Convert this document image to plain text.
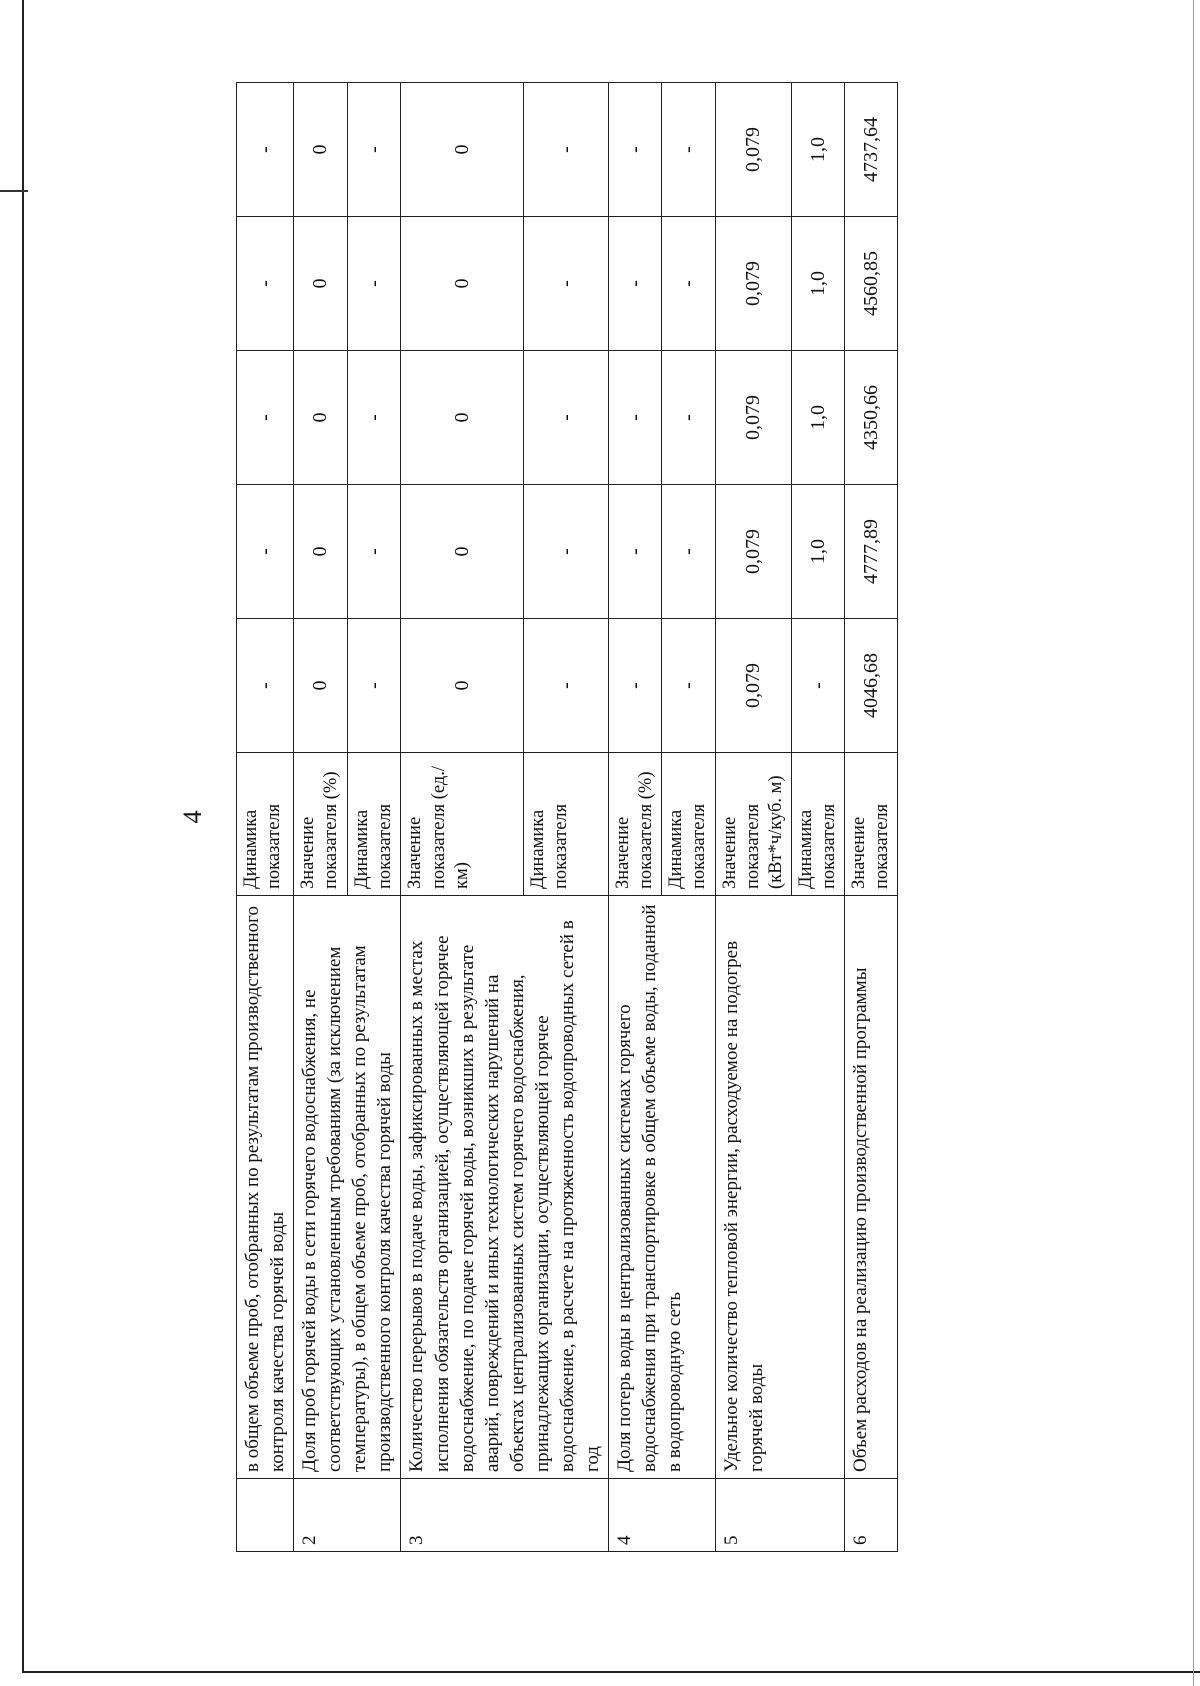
4
	в общем объеме проб, отобранных по результатам производственного контроля качества горячей воды	Динамика показателя	-	-	-	-	-
2	Доля проб горячей воды в сети горячего водоснабжения, не соответствующих установленным требованиям (за исключением температуры), в общем объеме проб, отобранных по результатам производственного контроля качества горячей воды	Значение показателя (%)	0	0	0	0	0
		Динамика показателя	-	-	-	-	-
3	Количество перерывов в подаче воды, зафиксированных в местах исполнения обязательств организацией, осуществляющей горячее водоснабжение, по подаче горячей воды, возникших в результате аварий, повреждений и иных технологических нарушений на объектах централизованных систем горячего водоснабжения, принадлежащих организации, осуществляющей горячее водоснабжение, в расчете на протяженность водопроводных сетей в год	Значение показателя (ед./км)	0	0	0	0	0
		Динамика показателя	-	-	-	-	-
4	Доля потерь воды в централизованных системах горячего водоснабжения при транспортировке в общем объеме воды, поданной в водопроводную сеть	Значение показателя (%)	-	-	-	-	-
		Динамика показателя	-	-	-	-	-
5	Удельное количество тепловой энергии, расходуемое на подогрев горячей воды	Значение показателя (кВт*ч/куб. м)	0,079	0,079	0,079	0,079	0,079
		Динамика показателя	-	1,0	1,0	1,0	1,0
6	Объем расходов на реализацию производственной программы	Значение показателя	4046,68	4777,89	4350,66	4560,85	4737,64
